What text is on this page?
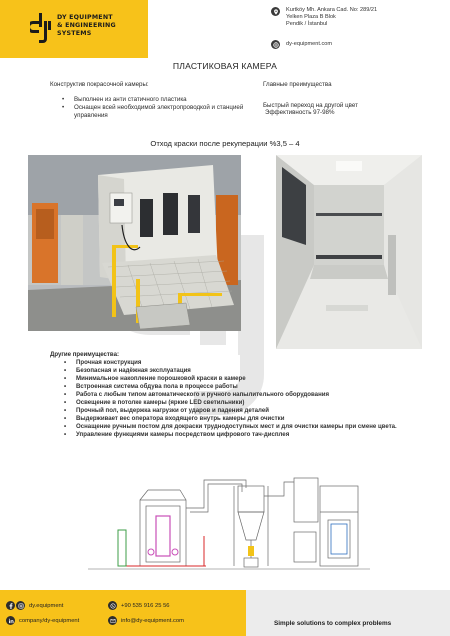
DY EQUIPMENT
& ENGINEERING
SYSTEMS
Kurtköy Mh. Ankara Cad. No: 289/21
Yelken Plaza B Blok
Pendik / İstanbul
dy-equipment.com
ПЛАСТИКОВАЯ КАМЕРА
Конструктив покрасочной камеры:
• Выполнен из анти статичного пластика
• Оснащен всей необходимой электропроводкой и станцией управления
Главные преимущества
Быстрый переход на другой цвет
Эффективность 97-98%
Отход краски после рекуперации %3,5 – 4
Другие преимущества:
• Прочная конструкция
• Безопасная и надёжная эксплуатация
• Минимальное накопление порошковой краски в камере
• Встроенная система обдува пола в процессе работы
• Работа с любым типом автоматического и ручного напылительного оборудования
• Освещение в потолке камеры (яркие LED светильники)
• Прочный пол, выдержка нагрузки от ударов и падения деталей
• Выдерживает вес оператора входящего внутрь камеры для очистки
• Оснащение ручным постом для докраски труднодоступных мест и для очистки камеры при смене цвета.
• Управление функциями камеры посредством цифрового тач-дисплея
dy.equipment
company/dy-equipment
+90 535 916 25 56
info@dy-equipment.com	Simple solutions to complex problems
